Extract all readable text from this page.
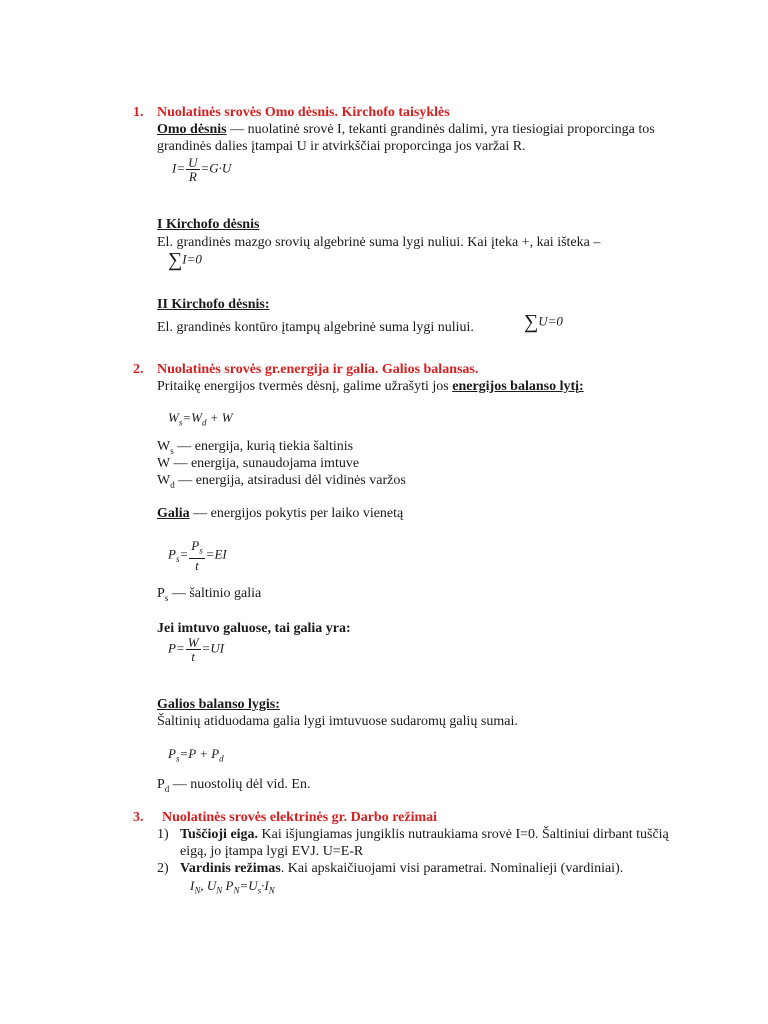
1. Nuolatinės srovės Omo dėsnis. Kirchofo taisyklės
Omo dėsnis — nuolatinė srovė I, tekanti grandinės dalimi, yra tiesiogiai proporcinga tos
grandinės dalies įtampai U ir atvirkščiai proporcinga jos varžai R.
$I= \frac{U}{R} =G\cdot U$
I Kirchofo dėsnis
El. grandinės mazgo srovių algebrinė suma lygi nuliui. Kai įteka +, kai išteka –
∑I=0
II Kirchofo dėsnis:
El. grandinės kontūro įtampų algebrinė suma lygi nuliui.	∑U=0
2. Nuolatinės srovės gr.energija ir galia. Galios balansas.
Pritaikę energijos tvermės dėsnį, galime užrašyti jos energijos balanso lytį:
$W_s=W_d + W$
$W_s$ — energija, kurią tiekia šaltinis
W — energija, sunaudojama imtuve
$W_d$ — energija, atsiradusi dėl vidinės varžos
Galia — energijos pokytis per laiko vienetą
$P_s= \frac{P_s}{t} =EI$
$P_s$ — šaltinio galia
Jei imtuvo galuose, tai galia yra:
$P= \frac{W}{t} =UI$
Galios balanso lygis:
Šaltinių atiduodama galia lygi imtuvuose sudaromų galių sumai.
$P_s=P + P_d$
$P_d$ — nuostolių dėl vid. En.
3. Nuolatinės srovės elektrinės gr. Darbo režimai
1) Tuščioji eiga. Kai išjungiamas jungiklis nutraukiama srovė I=0. Šaltiniui dirbant tuščią
eigą, jo įtampa lygi EVJ. U=E-R
2) Vardinis režimas. Kai apskaičiuojami visi parametrai. Nominalieji (vardiniai).
$I_N$, $U_N$ $P_N=U_s\cdot I_N$
